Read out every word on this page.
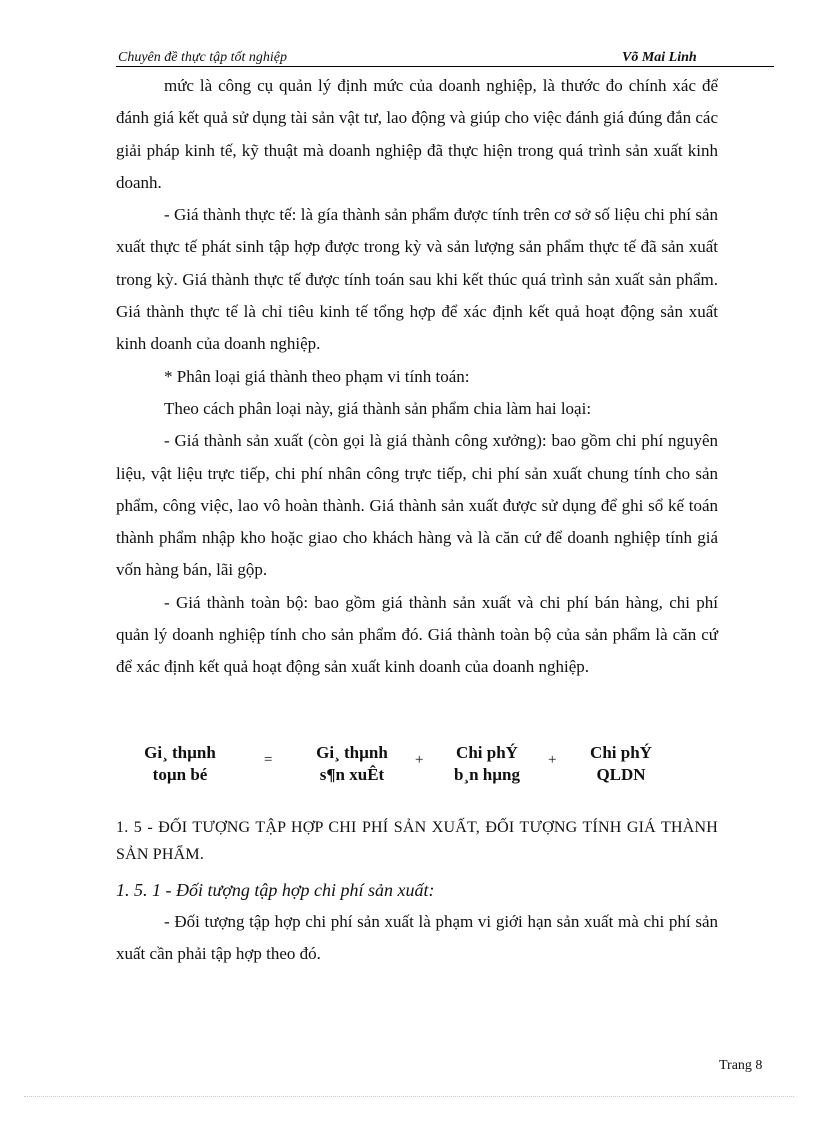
Chuyên đề thực tập tốt nghiệp	Võ Mai Linh

mức là công cụ quản lý định mức của doanh nghiệp, là thước đo chính xác để đánh giá kết quả sử dụng tài sản vật tư, lao động và giúp cho việc đánh giá đúng đắn các giải pháp kinh tế, kỹ thuật mà doanh nghiệp đã thực hiện trong quá trình sản xuất kinh doanh.

- Giá thành thực tế: là gía thành sản phẩm được tính trên cơ sở số liệu chi phí sản xuất thực tế phát sinh tập hợp được trong kỳ và sản lượng sản phẩm thực tế đã sản xuất trong kỳ. Giá thành thực tế được tính toán sau khi kết thúc quá trình sản xuất sản phẩm. Giá thành thực tế là chỉ tiêu kinh tế tổng hợp để xác định kết quả hoạt động sản xuất kinh doanh của doanh nghiệp.

* Phân loại giá thành theo phạm vi tính toán:

Theo cách phân loại này, giá thành sản phẩm chia làm hai loại:

- Giá thành sản xuất (còn gọi là giá thành công xưởng): bao gồm chi phí nguyên liệu, vật liệu trực tiếp, chi phí nhân công trực tiếp, chi phí sản xuất chung tính cho sản phẩm, công việc, lao vô hoàn thành. Giá thành sản xuất được sử dụng để ghi sổ kế toán thành phẩm nhập kho hoặc giao cho khách hàng và là căn cứ để doanh nghiệp tính giá vốn hàng bán, lãi gộp.

- Giá thành toàn bộ: bao gồm giá thành sản xuất và chi phí bán hàng, chi phí quản lý doanh nghiệp tính cho sản phẩm đó. Giá thành toàn bộ của sản phẩm là căn cứ để xác định kết quả hoạt động sản xuất kinh doanh của doanh nghiệp.

Gi¸ thµnh
toµn bé
=	Gi¸ thµnh
s¶n xuÊt
+	Chi phÝ
b¸n hµng
+	Chi phÝ
QLDN
1. 5 - ĐỐI TƯỢNG TẬP HỢP CHI PHÍ SẢN XUẤT, ĐỐI TƯỢNG TÍNH GIÁ THÀNH SẢN PHẨM.
1. 5. 1 - Đối tượng tập hợp chi phí sản xuất:

- Đối tượng tập hợp chi phí sản xuất là phạm vi giới hạn sản xuất mà chi phí sản xuất cần phải tập hợp theo đó.

Trang 8
